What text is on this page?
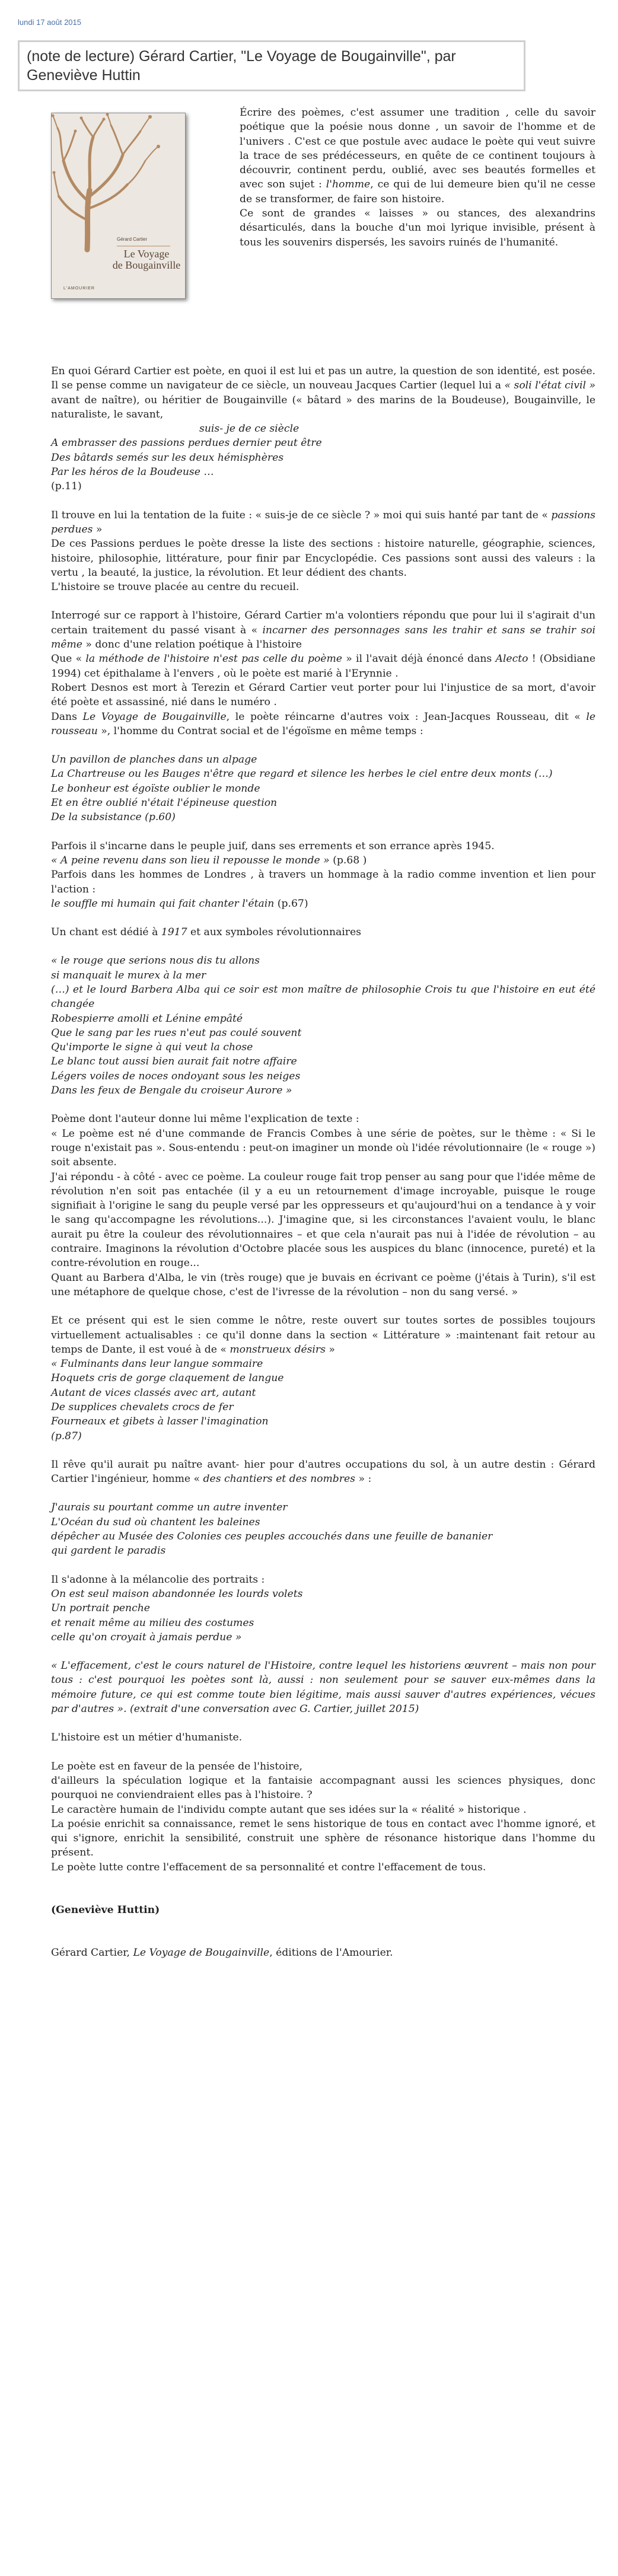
lundi 17 août 2015
(note de lecture) Gérard Cartier, "Le Voyage de Bougainville", par Geneviève Huttin
Gérard Cartier
Le Voyage
de Bougainville
L'AMOURIER
Écrire des poèmes, c'est assumer une tradition , celle du savoir poétique que la poésie nous donne , un savoir de l'homme et de l'univers . C'est ce que postule avec audace le poète qui veut suivre la trace de ses prédécesseurs, en quête de ce continent toujours à découvrir, continent perdu, oublié, avec ses beautés formelles et avec son sujet : l'homme, ce qui de lui demeure bien qu'il ne cesse de se transformer, de faire son histoire.
Ce sont de grandes « laisses » ou stances, des alexandrins désarticulés, dans la bouche d'un moi lyrique invisible, présent à tous les souvenirs dispersés, les savoirs ruinés de l'humanité.

En quoi Gérard Cartier est poète, en quoi il est lui et pas un autre, la question de son identité, est posée. Il se pense comme un navigateur de ce siècle, un nouveau Jacques Cartier (lequel lui a « soli l'état civil » avant de naître), ou héritier de Bougainville (« bâtard » des marins de la Boudeuse), Bougainville, le naturaliste, le savant,

suis- je de ce siècle
A embrasser des passions perdues dernier peut être
Des bâtards semés sur les deux hémisphères
Par les héros de la Boudeuse …

(p.11)

Il trouve en lui la tentation de la fuite : « suis-je de ce siècle ? » moi qui suis hanté par tant de « passions perdues »

De ces Passions perdues le poète dresse la liste des sections : histoire naturelle, géographie, sciences, histoire, philosophie, littérature, pour finir par Encyclopédie. Ces passions sont aussi des valeurs : la vertu , la beauté, la justice, la révolution. Et leur dédient des chants.

L'histoire se trouve placée au centre du recueil.

Interrogé sur ce rapport à l'histoire, Gérard Cartier m'a volontiers répondu que pour lui il s'agirait d'un certain traitement du passé visant à « incarner des personnages sans les trahir et sans se trahir soi même » donc d'une relation poétique à l'histoire

Que « la méthode de l'histoire n'est pas celle du poème » il l'avait déjà énoncé dans Alecto ! (Obsidiane 1994) cet épithalame à l'envers , où le poète est marié à l'Erynnie .

Robert Desnos est mort à Terezin et Gérard Cartier veut porter pour lui l'injustice de sa mort, d'avoir été poète et assassiné, nié dans le numéro .

Dans Le Voyage de Bougainville, le poète réincarne d'autres voix : Jean-Jacques Rousseau, dit « le rousseau », l'homme du Contrat social et de l'égoïsme en même temps :

Un pavillon de planches dans un alpage
La Chartreuse ou les Bauges n'être que regard et silence les herbes le ciel entre deux monts (…)
Le bonheur est égoïste oublier le monde
Et en être oublié n'était l'épineuse question
De la subsistance (p.60)

Parfois il s'incarne dans le peuple juif, dans ses errements et son errance après 1945.

« A peine revenu dans son lieu il repousse le monde » (p.68 )

Parfois dans les hommes de Londres , à travers un hommage à la radio comme invention et lien pour l'action :

le souffle mi humain qui fait chanter l'étain (p.67)

Un chant est dédié à 1917 et aux symboles révolutionnaires

« le rouge que serions nous dis tu allons
si manquait le murex à la mer
(…) et le lourd Barbera Alba qui ce soir est mon maître de philosophie Crois tu que l'histoire en eut été changée
Robespierre amolli et Lénine empâté
Que le sang par les rues n'eut pas coulé souvent
Qu'importe le signe à qui veut la chose
Le blanc tout aussi bien aurait fait notre affaire
Légers voiles de noces ondoyant sous les neiges
Dans les feux de Bengale du croiseur Aurore »

Poème dont l'auteur donne lui même l'explication de texte :

« Le poème est né d'une commande de Francis Combes à une série de poètes, sur le thème : « Si le rouge n'existait pas ». Sous-entendu : peut-on imaginer un monde où l'idée révolutionnaire (le « rouge ») soit absente.

J'ai répondu - à côté - avec ce poème. La couleur rouge fait trop penser au sang pour que l'idée même de révolution n'en soit pas entachée (il y a eu un retournement d'image incroyable, puisque le rouge signifiait à l'origine le sang du peuple versé par les oppresseurs et qu'aujourd'hui on a tendance à y voir le sang qu'accompagne les révolutions...). J'imagine que, si les circonstances l'avaient voulu, le blanc aurait pu être la couleur des révolutionnaires – et que cela n'aurait pas nui à l'idée de révolution – au contraire. Imaginons la révolution d'Octobre placée sous les auspices du blanc (innocence, pureté) et la contre-révolution en rouge...

Quant au Barbera d'Alba, le vin (très rouge) que je buvais en écrivant ce poème (j'étais à Turin), s'il est une métaphore de quelque chose, c'est de l'ivresse de la révolution – non du sang versé. »

Et ce présent qui est le sien comme le nôtre, reste ouvert sur toutes sortes de possibles toujours virtuellement actualisables : ce qu'il donne dans la section « Littérature » :maintenant fait retour au temps de Dante, il est voué à de « monstrueux désirs »

« Fulminants dans leur langue sommaire
Hoquets cris de gorge claquement de langue
Autant de vices classés avec art, autant
De supplices chevalets crocs de fer
Fourneaux et gibets à lasser l'imagination
(p.87)

Il rêve qu'il aurait pu naître avant- hier pour d'autres occupations du sol, à un autre destin : Gérard Cartier l'ingénieur, homme « des chantiers et des nombres » :

J'aurais su pourtant comme un autre inventer
L'Océan du sud où chantent les baleines
dépêcher au Musée des Colonies ces peuples accouchés dans une feuille de bananier
qui gardent le paradis

Il s'adonne à la mélancolie des portraits :

On est seul maison abandonnée les lourds volets
Un portrait penche
et renait même au milieu des costumes
celle qu'on croyait à jamais perdue »

« L'effacement, c'est le cours naturel de l'Histoire, contre lequel les historiens œuvrent – mais non pour tous : c'est pourquoi les poètes sont là, aussi : non seulement pour se sauver eux-mêmes dans la mémoire future, ce qui est comme toute bien légitime, mais aussi sauver d'autres expériences, vécues par d'autres ». (extrait d'une conversation avec G. Cartier, juillet 2015)

L'histoire est un métier d'humaniste.

Le poète est en faveur de la pensée de l'histoire,

d'ailleurs la spéculation logique et la fantaisie accompagnant aussi les sciences physiques, donc pourquoi ne conviendraient elles pas à l'histoire. ?

Le caractère humain de l'individu compte autant que ses idées sur la « réalité » historique .

La poésie enrichit sa connaissance, remet le sens historique de tous en contact avec l'homme ignoré, et qui s'ignore, enrichit la sensibilité, construit une sphère de résonance historique dans l'homme du présent.

Le poète lutte contre l'effacement de sa personnalité et contre l'effacement de tous.

(Geneviève Huttin)

Gérard Cartier, Le Voyage de Bougainville, éditions de l'Amourier.
